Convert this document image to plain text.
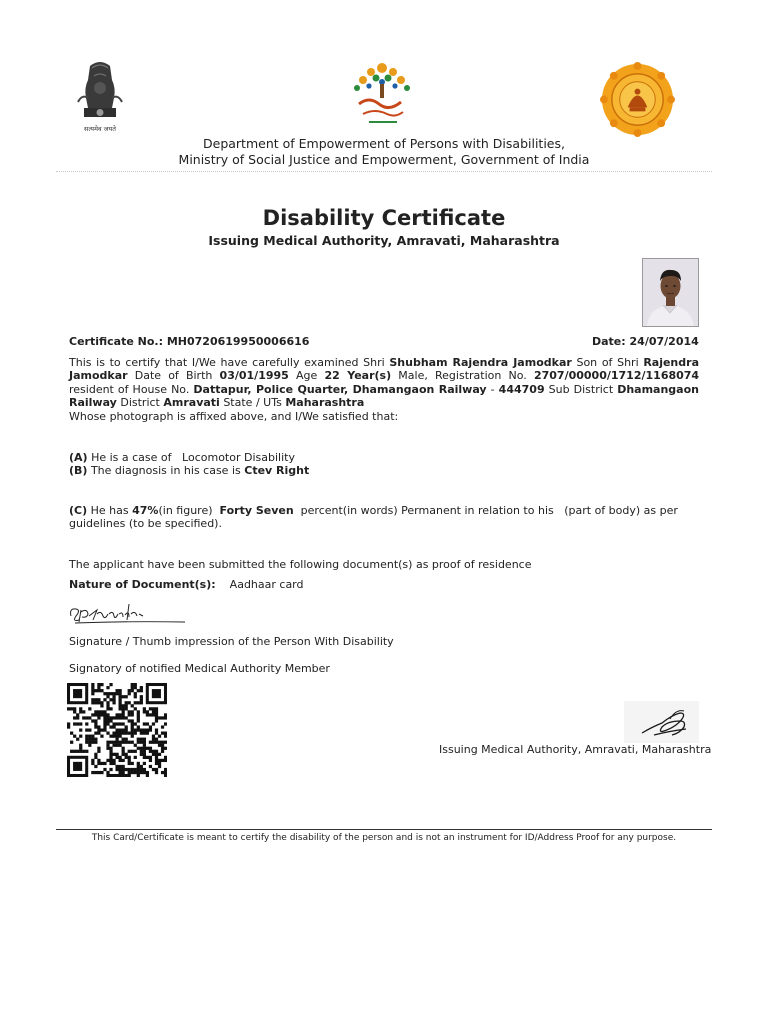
सत्यमेव जयते
Department of Empowerment of Persons with Disabilities,
Ministry of Social Justice and Empowerment, Government of India
Disability Certificate
Issuing Medical Authority, Amravati, Maharashtra
Certificate No.: MH0720619950006616	Date: 24/07/2014
This is to certify that I/We have carefully examined Shri Shubham Rajendra Jamodkar Son of Shri Rajendra Jamodkar Date of Birth 03/01/1995 Age 22 Year(s) Male, Registration No. 2707/00000/1712/1168074 resident of House No. Dattapur, Police Quarter, Dhamangaon Railway - 444709 Sub District Dhamangaon Railway District Amravati State / UTs Maharashtra
Whose photograph is affixed above, and I/We satisfied that:
(A) He is a case of Locomotor Disability
(B) The diagnosis in his case is Ctev Right
(C) He has 47%(in figure) Forty Seven percent(in words) Permanent in relation to his (part of body) as per guidelines (to be specified).
The applicant have been submitted the following document(s) as proof of residence
Nature of Document(s): Aadhaar card
Signature / Thumb impression of the Person With Disability
Signatory of notified Medical Authority Member
Issuing Medical Authority, Amravati, Maharashtra
This Card/Certificate is meant to certify the disability of the person and is not an instrument for ID/Address Proof for any purpose.
